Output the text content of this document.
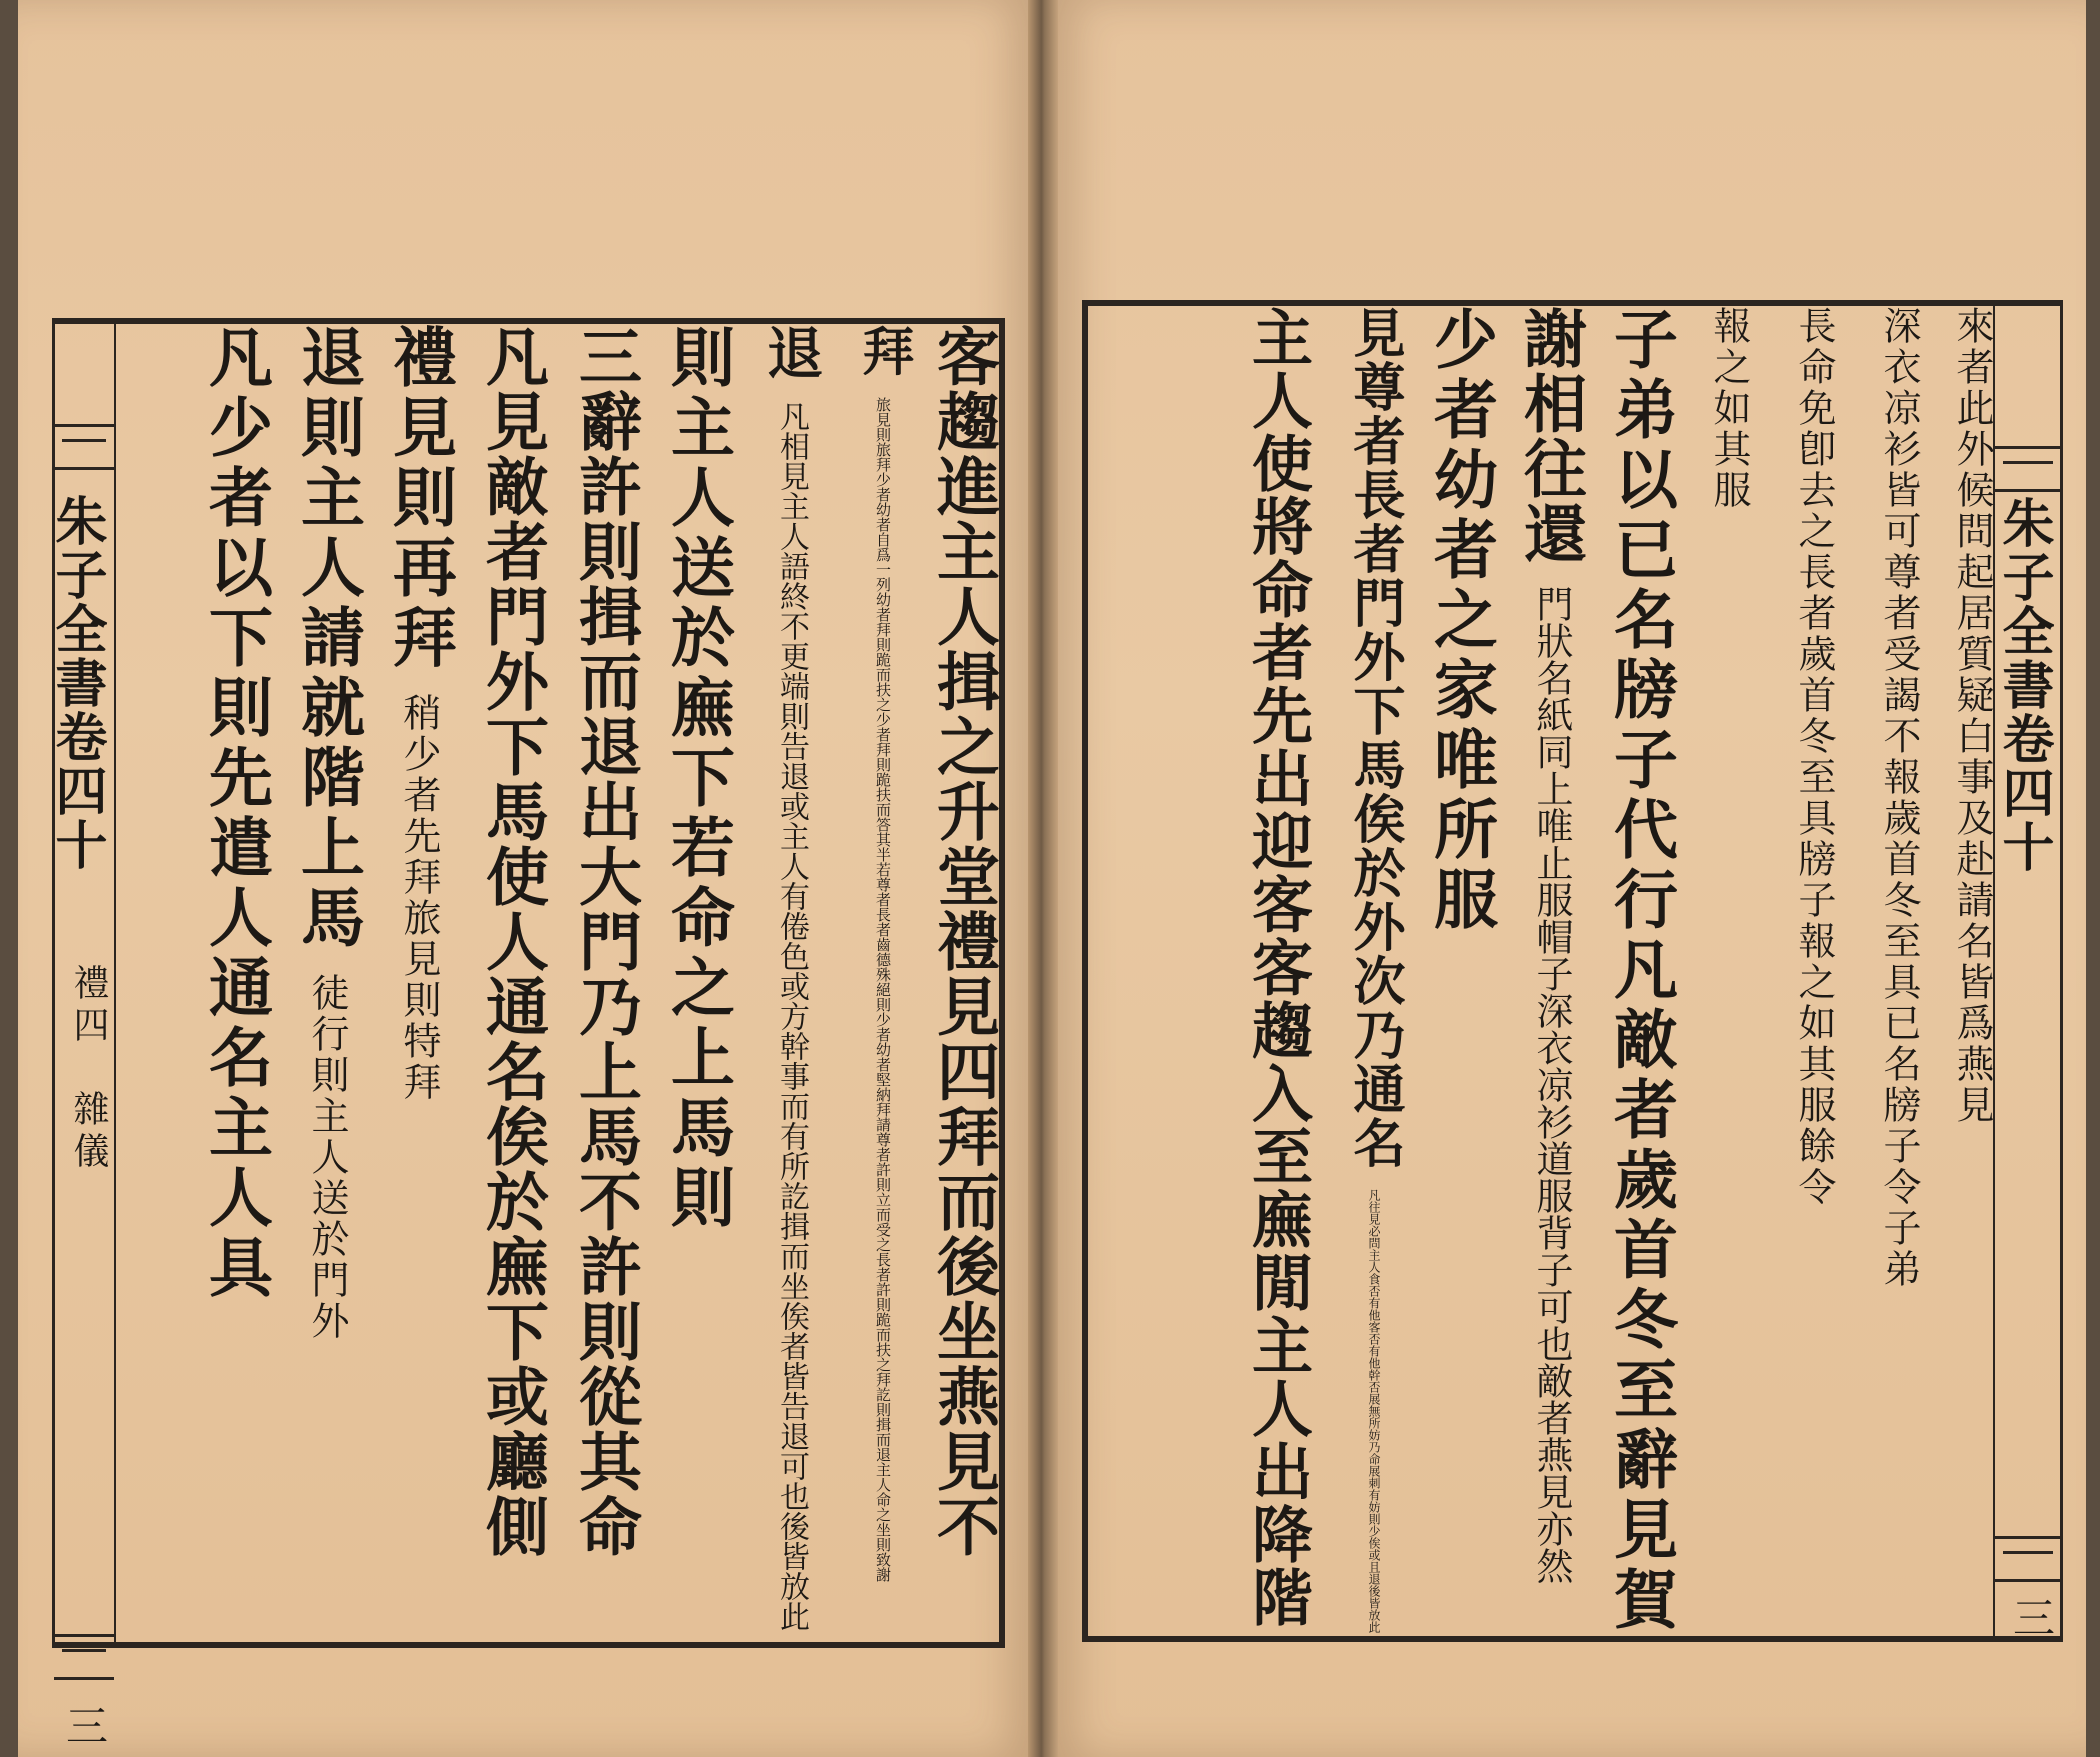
朱子全書卷四十
禮四　雜儀
三
客趨進主人揖之升堂禮見四拜而後坐燕見不
拜 旅見則旅拜少者幼者自爲一列幼者拜則跪而扶之少者拜則跪扶而答其半若尊者長者齒德殊絕則少者幼者堅納拜請尊者許則立而受之長者許則跪而扶之拜訖則揖而退主人命之坐則致謝
退 凡相見主人語終不更端則告退或主人有倦色或方幹事而有所訖揖而坐俟者皆告退可也後皆放此
則主人送於廡下若命之上馬則
三辭許則揖而退出大門乃上馬不許則從其命
凡見敵者門外下馬使人通名俟於廡下或廳側
禮見則再拜 稍少者先拜旅見則特拜
退則主人請就階上馬 徒行則主人送於門外
凡少者以下則先遣人通名主人具	朱子全書卷四十
三
來者此外候問起居質疑白事及赴請名皆爲燕見
深衣凉衫皆可尊者受謁不報歲首冬至具已名牓子令子弟
長命免卽去之長者歲首冬至具牓子報之如其服餘令
報之如其服
子弟以已名牓子代行凡敵者歲首冬至辭見賀
謝相往還 門狀名紙同上唯止服帽子深衣凉衫道服背子可也敵者燕見亦然
少者幼者之家唯所服
見尊者長者門外下馬俟於外次乃通名 凡往見必問主人食否有他客否有他幹否展無所妨乃命展刺有妨則少俟或且退後皆放此
主人使將命者先出迎客客趨入至廡閒主人出降階
